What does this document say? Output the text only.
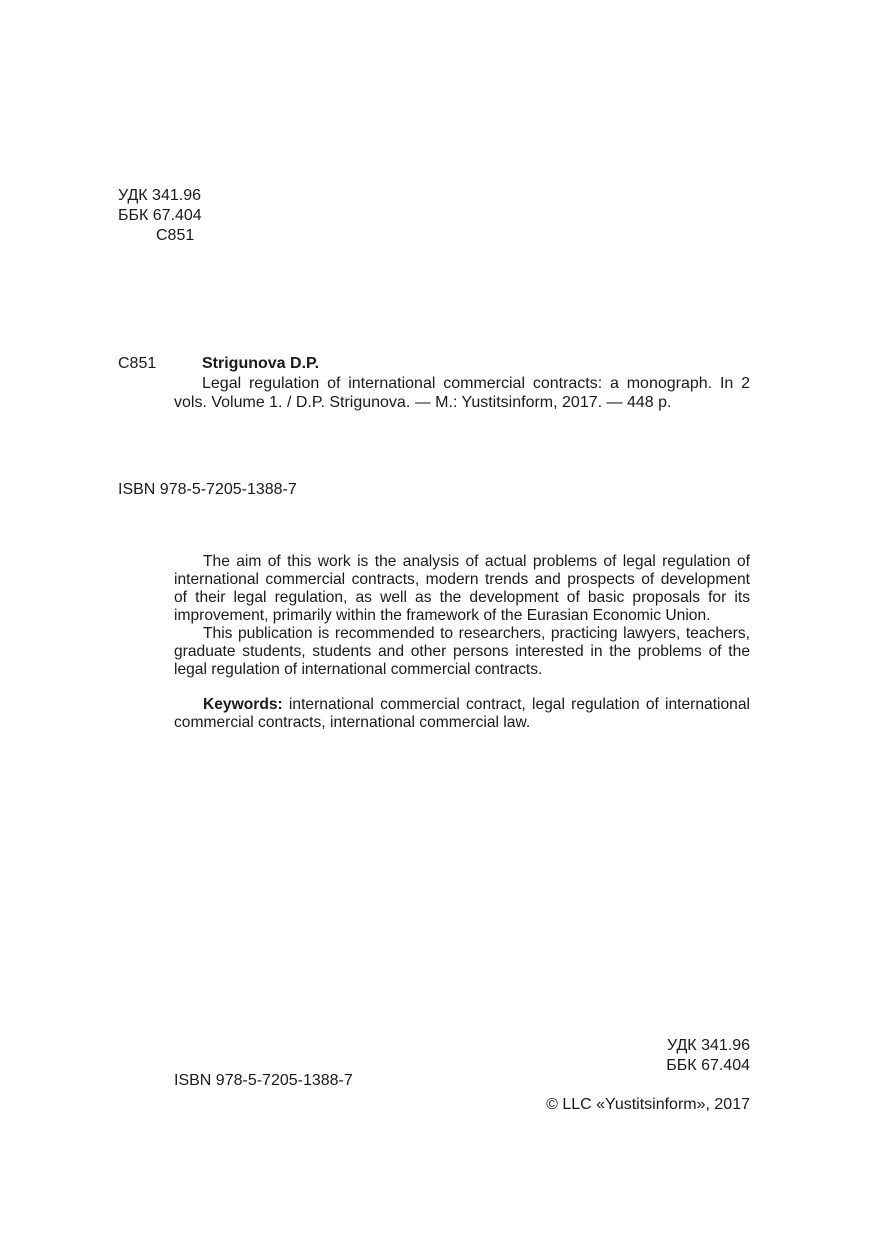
УДК 341.96
ББК 67.404
С851
С851	Strigunova D.P.
Legal regulation of international commercial contracts: a monograph. In 2 vols. Volume 1. / D.P. Strigunova. — M.: Yustitsinform, 2017. — 448 p.
ISBN 978-5-7205-1388-7

The aim of this work is the analysis of actual problems of legal regulation of international commercial contracts, modern trends and prospects of development of their legal regulation, as well as the development of basic proposals for its improvement, primarily within the framework of the Eurasian Economic Union.

This publication is recommended to researchers, practicing lawyers, teachers, graduate students, students and other persons interested in the problems of the legal regulation of international commercial contracts.

Keywords: international commercial contract, legal regulation of international commercial contracts, international commercial law.

УДК 341.96
ББК 67.404
ISBN 978-5-7205-1388-7
© LLC «Yustitsinform», 2017
